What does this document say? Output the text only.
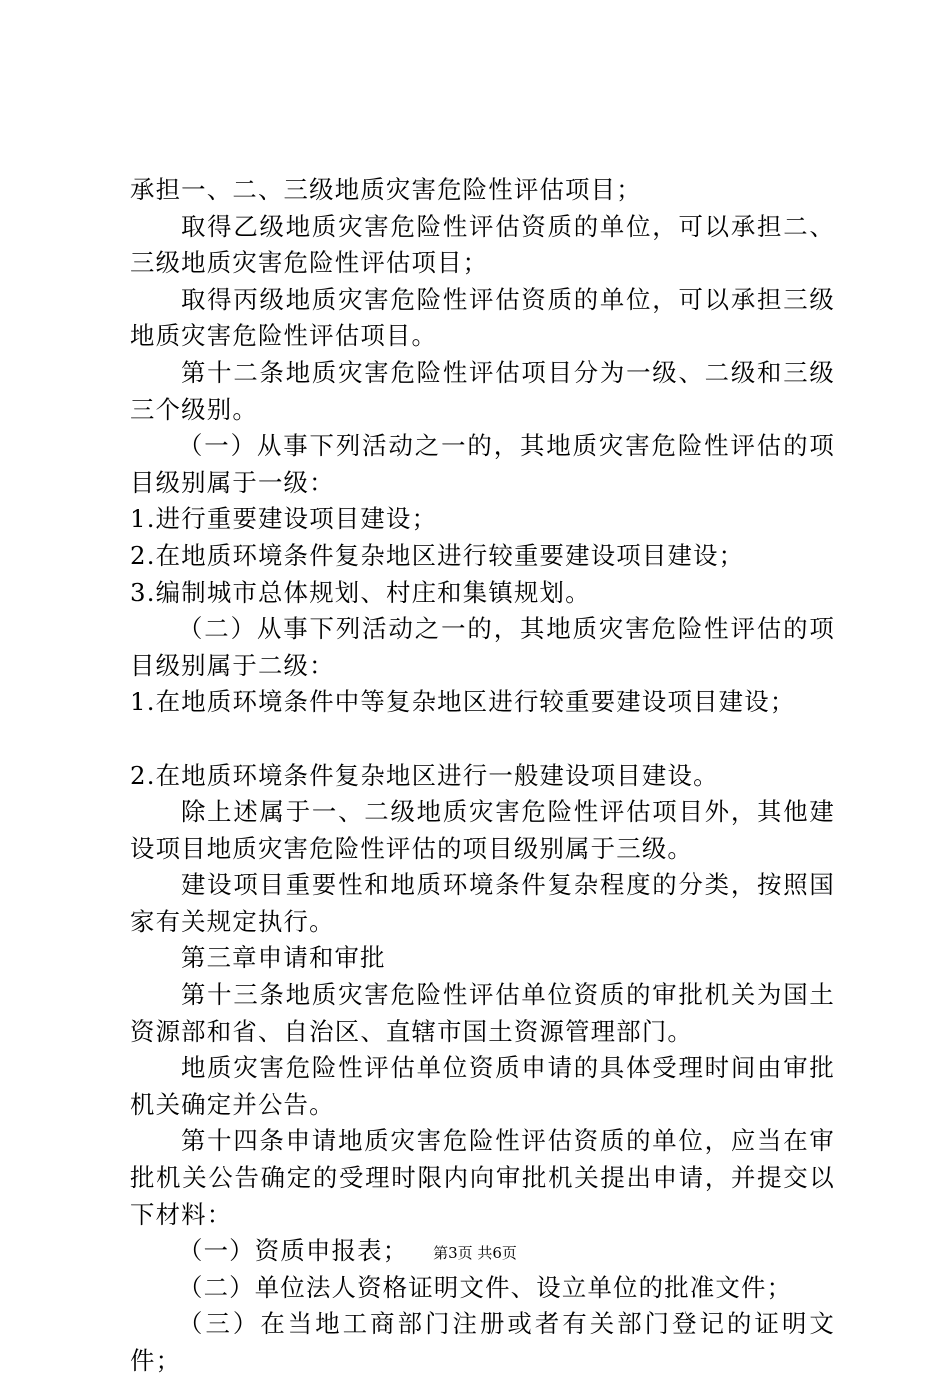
承担一、二、三级地质灾害危险性评估项目；

取得乙级地质灾害危险性评估资质的单位，可以承担二、三级地质灾害危险性评估项目；

取得丙级地质灾害危险性评估资质的单位，可以承担三级地质灾害危险性评估项目。

第十二条地质灾害危险性评估项目分为一级、二级和三级三个级别。

（一）从事下列活动之一的，其地质灾害危险性评估的项目级别属于一级：

1.进行重要建设项目建设；

2.在地质环境条件复杂地区进行较重要建设项目建设；

3.编制城市总体规划、村庄和集镇规划。

（二）从事下列活动之一的，其地质灾害危险性评估的项目级别属于二级：

1.在地质环境条件中等复杂地区进行较重要建设项目建设；

2.在地质环境条件复杂地区进行一般建设项目建设。

除上述属于一、二级地质灾害危险性评估项目外，其他建设项目地质灾害危险性评估的项目级别属于三级。

建设项目重要性和地质环境条件复杂程度的分类，按照国家有关规定执行。

第三章申请和审批

第十三条地质灾害危险性评估单位资质的审批机关为国土资源部和省、自治区、直辖市国土资源管理部门。

地质灾害危险性评估单位资质申请的具体受理时间由审批机关确定并公告。

第十四条申请地质灾害危险性评估资质的单位，应当在审批机关公告确定的受理时限内向审批机关提出申请，并提交以下材料：

（一）资质申报表；

（二）单位法人资格证明文件、设立单位的批准文件；

（三）在当地工商部门注册或者有关部门登记的证明文件；

第3页 共6页
